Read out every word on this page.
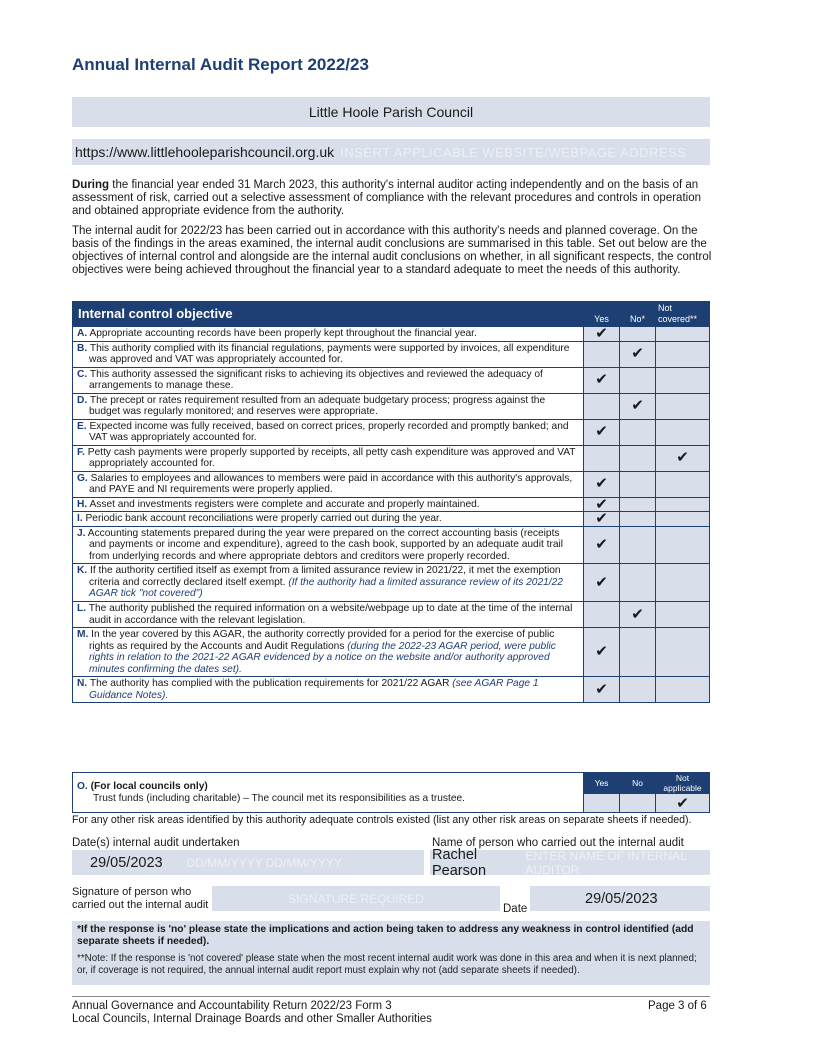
Annual Internal Audit Report 2022/23
Little Hoole Parish Council
https://www.littlehooleparishcouncil.org.uk INSERT APPLICABLE WEBSITE/WEBPAGE ADDRESS
During the financial year ended 31 March 2023, this authority's internal auditor acting independently and on the basis of an assessment of risk, carried out a selective assessment of compliance with the relevant procedures and controls in operation and obtained appropriate evidence from the authority.
The internal audit for 2022/23 has been carried out in accordance with this authority's needs and planned coverage. On the basis of the findings in the areas examined, the internal audit conclusions are summarised in this table. Set out below are the objectives of internal control and alongside are the internal audit conclusions on whether, in all significant respects, the control objectives were being achieved throughout the financial year to a standard adequate to meet the needs of this authority.
Internal control objective	Yes	No*	Not covered**
A. Appropriate accounting records have been properly kept throughout the financial year.	✔		
B. This authority complied with its financial regulations, payments were supported by invoices, all expenditure was approved and VAT was appropriately accounted for.		✔	
C. This authority assessed the significant risks to achieving its objectives and reviewed the adequacy of arrangements to manage these.	✔		
D. The precept or rates requirement resulted from an adequate budgetary process; progress against the budget was regularly monitored; and reserves were appropriate.		✔	
E. Expected income was fully received, based on correct prices, properly recorded and promptly banked; and VAT was appropriately accounted for.	✔		
F. Petty cash payments were properly supported by receipts, all petty cash expenditure was approved and VAT appropriately accounted for.			✔
G. Salaries to employees and allowances to members were paid in accordance with this authority's approvals, and PAYE and NI requirements were properly applied.	✔		
H. Asset and investments registers were complete and accurate and properly maintained.	✔		
I. Periodic bank account reconciliations were properly carried out during the year.	✔		
J. Accounting statements prepared during the year were prepared on the correct accounting basis (receipts and payments or income and expenditure), agreed to the cash book, supported by an adequate audit trail from underlying records and where appropriate debtors and creditors were properly recorded.	✔		
K. If the authority certified itself as exempt from a limited assurance review in 2021/22, it met the exemption criteria and correctly declared itself exempt. (If the authority had a limited assurance review of its 2021/22 AGAR tick "not covered")	✔		
L. The authority published the required information on a website/webpage up to date at the time of the internal audit in accordance with the relevant legislation.		✔	
M. In the year covered by this AGAR, the authority correctly provided for a period for the exercise of public rights as required by the Accounts and Audit Regulations (during the 2022-23 AGAR period, were public rights in relation to the 2021-22 AGAR evidenced by a notice on the website and/or authority approved minutes confirming the dates set).	✔		
N. The authority has complied with the publication requirements for 2021/22 AGAR (see AGAR Page 1 Guidance Notes).	✔		
O. (For local councils only)
Trust funds (including charitable) – The council met its responsibilities as a trustee.	Yes	No	Not applicable
			✔
For any other risk areas identified by this authority adequate controls existed (list any other risk areas on separate sheets if needed).
Date(s) internal audit undertaken	Name of person who carried out the internal audit
29/05/2023 DD/MM/YYYY DD/MM/YYYY	Rachel Pearson
ENTER NAME OF INTERNAL AUDITOR
Signature of person who
carried out the internal audit	SIGNATURE REQUIRED
Date
29/05/2023
*If the response is 'no' please state the implications and action being taken to address any weakness in control identified (add separate sheets if needed).
**Note: If the response is 'not covered' please state when the most recent internal audit work was done in this area and when it is next planned; or, if coverage is not required, the annual internal audit report must explain why not (add separate sheets if needed).
Annual Governance and Accountability Return 2022/23 Form 3
Local Councils, Internal Drainage Boards and other Smaller Authorities
Page 3 of 6
